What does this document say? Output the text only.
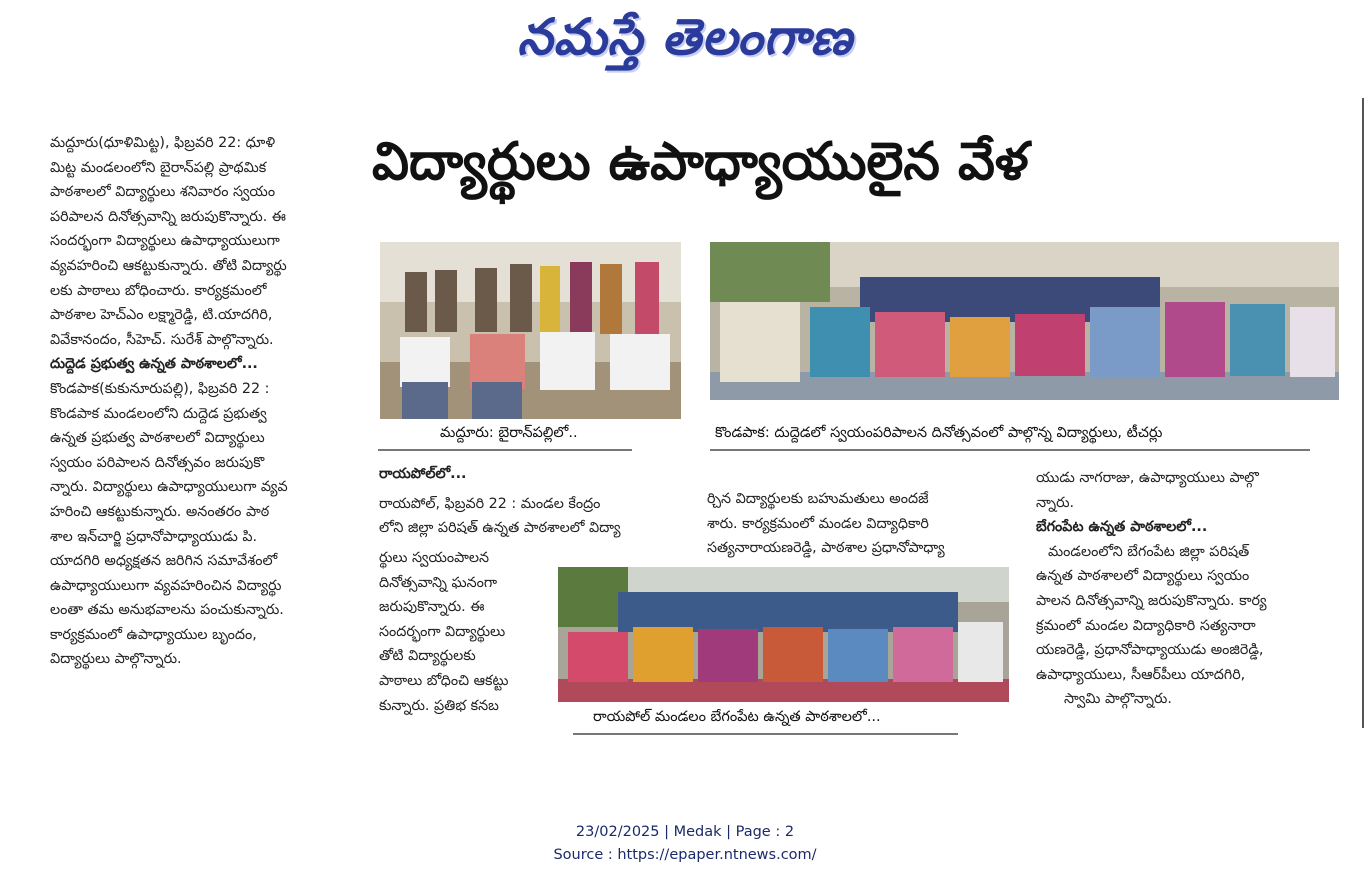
నమస్తే తెలంగాణ
విద్యార్థులు ఉపాధ్యాయులైన వేళ

మద్దూరు(ధూళిమిట్ట), ఫిబ్రవరి 22: ధూళి

మిట్ట మండలంలోని బైరాన్‌పల్లి ప్రాథమిక

పాఠశాలలో విద్యార్థులు శనివారం స్వయం

పరిపాలన దినోత్సవాన్ని జరుపుకొన్నారు. ఈ

సందర్భంగా విద్యార్థులు ఉపాధ్యాయులుగా

వ్యవహరించి ఆకట్టుకున్నారు. తోటి విద్యార్థు

లకు పాఠాలు బోధించారు. కార్యక్రమంలో

పాఠశాల హెచ్‌ఎం లక్ష్మారెడ్డి, టి.యాదగిరి,

వివేకానందం, సీహెచ్. సురేశ్ పాల్గొన్నారు.

దుద్దెడ ప్రభుత్వ ఉన్నత పాఠశాలలో...

కొండపాక(కుకునూరుపల్లి), ఫిబ్రవరి 22 :

కొండపాక మండలంలోని దుద్దెడ ప్రభుత్వ

ఉన్నత ప్రభుత్వ పాఠశాలలో విద్యార్థులు

స్వయం పరిపాలన దినోత్సవం జరుపుకొ

న్నారు. విద్యార్థులు ఉపాధ్యాయులుగా వ్యవ

హరించి ఆకట్టుకున్నారు. అనంతరం పాఠ

శాల ఇన్‌చార్జి ప్రధానోపాధ్యాయుడు పి.

యాదగిరి అధ్యక్షతన జరిగిన సమావేశంలో

ఉపాధ్యాయులుగా వ్యవహరించిన విద్యార్థు

లంతా తమ అనుభవాలను పంచుకున్నారు.

కార్యక్రమంలో ఉపాధ్యాయుల బృందం,

విద్యార్థులు పాల్గొన్నారు.

మద్దూరు: బైరాన్‌పల్లిలో..	కొండపాక: దుద్దెడలో స్వయంపరిపాలన దినోత్సవంలో పాల్గొన్న విద్యార్థులు, టీచర్లు

రాయపోల్‌లో...

రాయపోల్, ఫిబ్రవరి 22 : మండల కేంద్రం

లోని జిల్లా పరిషత్ ఉన్నత పాఠశాలలో విద్యా

ర్థులు స్వయంపాలన

దినోత్సవాన్ని ఘనంగా

జరుపుకొన్నారు. ఈ

సందర్భంగా విద్యార్థులు

తోటి విద్యార్థులకు

పాఠాలు బోధించి ఆకట్టు

కున్నారు. ప్రతిభ కనబ

ర్చిన విద్యార్థులకు బహుమతులు అందజే

శారు. కార్యక్రమంలో మండల విద్యాధికారి

సత్యనారాయణరెడ్డి, పాఠశాల ప్రధానోపాధ్యా

యుడు నాగరాజు, ఉపాధ్యాయులు పాల్గొ

న్నారు.

బేగంపేట ఉన్నత పాఠశాలలో...

మండలంలోని బేగంపేట జిల్లా పరిషత్

ఉన్నత పాఠశాలలో విద్యార్థులు స్వయం

పాలన దినోత్సవాన్ని జరుపుకొన్నారు. కార్య

క్రమంలో మండల విద్యాధికారి సత్యనారా

యణరెడ్డి, ప్రధానోపాధ్యాయుడు అంజిరెడ్డి,

ఉపాధ్యాయులు, సీఆర్‌పీలు యాదగిరి,

స్వామి పాల్గొన్నారు.

రాయపోల్ మండలం బేగంపేట ఉన్నత పాఠశాలలో...
23/02/2025 | Medak | Page : 2
Source : https://epaper.ntnews.com/
